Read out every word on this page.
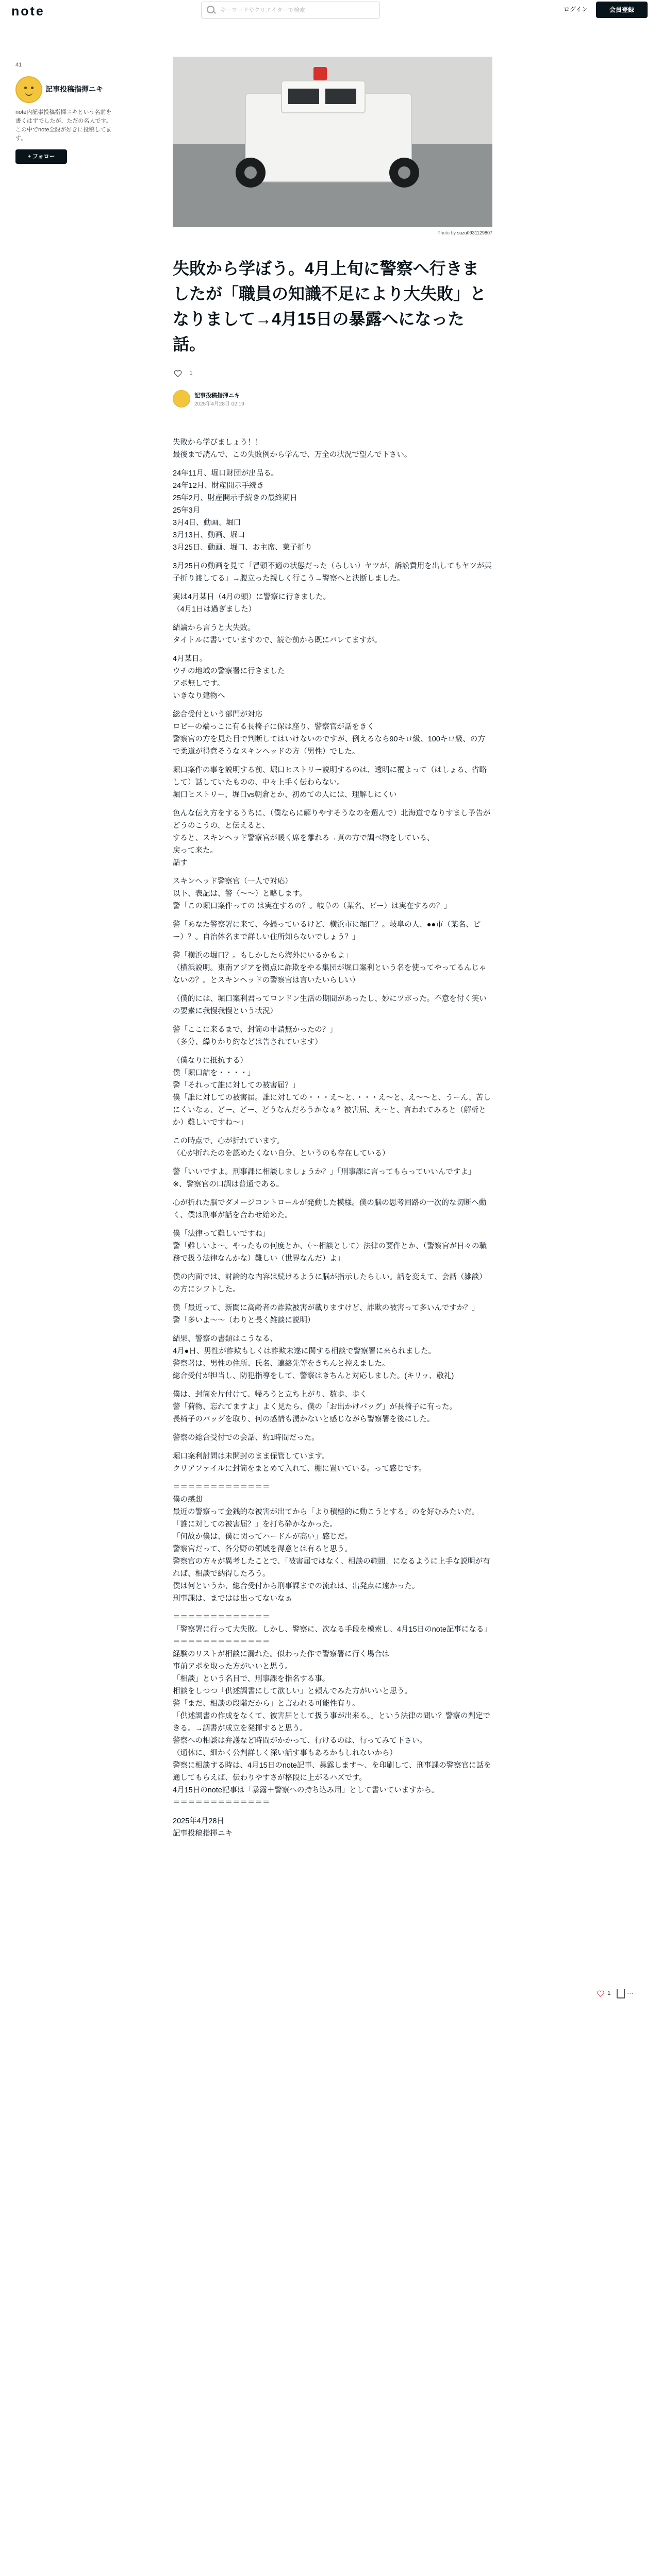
note
キーワードやクリエイターで検索	ログイン	会員登録
41
記事投稿指揮ニキ
note内記事投稿指揮ニキという名前を書くはずでしたが、ただの名人です。この中でnote全般が好きに投稿してます。
+ フォロー
Photo by suzu0931129807
失敗から学ぼう。4月上旬に警察へ行きましたが「職員の知識不足により大失敗」となりまして→4月15日の暴露へになった話。
1
記事投稿指揮ニキ
2025年4月28日 02:19
失敗から学びましょう！！
最後まで読んで、この失敗例から学んで、万全の状況で望んで下さい。
24年11月、堀口財団が出品る。
24年12月、財産開示手続き
25年2月、財産開示手続きの最終期日
25年3月
3月4日、動画、堀口
3月13日、動画、堀口
3月25日、動画、堀口、お主席、菓子折り
3月25日の動画を見て「冒頭不適の状態だった（らしい）ヤツが、訴訟費用を出してもヤツが菓子折り渡してる」→腹立った親しく行こう→警察へと決断しました。
実は4月某日（4月の頭）に警察に行きました。
（4月1日は過ぎました）
結論から言うと大失敗。
タイトルに書いていますので、読む前から既にバレてますが。
4月某日。
ウチの地域の警察署に行きました
アポ無しです。
いきなり建物へ
総合受付という部門が対応
ロビーの端っこに有る長椅子に保は座り、警察官が話をきく
警察官の方を見た目で判断してはいけないのですが、例えるなら90キロ級、100キロ級、の方で柔道が得意そうなスキンヘッドの方（男性）でした。
堀口案件の事を説明する前、堀口ヒストリー説明するのは、透明に覆よって（はしょる、省略して）話していたものの、中々上手く伝わらない。
堀口ヒストリー、堀口vs朝倉とか、初めての人には、理解しにくい
色んな伝え方をするうちに、（僕ならに解りやすそうなのを選んで）北海道でなりすまし予告がどうのこうの、と伝えると、
すると、スキンヘッド警察官が暖く席を離れる→真の方で調べ物をしている、
戻って来た。
話す
スキンヘッド警察官（一人で対応）
以下、表記は、警（〜〜）と略します。
警「この堀口案件っての は実在するの？。岐阜の（某名、ピー）は実在するの？」
警「あなた警察署に来て、今撮っているけど、横浜市に堀口？。岐阜の人、●●市（某名、ピー）？。自治体名まで詳しい住所知らないでしょう？」
警「横浜の堀口？。もしかしたら海外にいるかもよ」
（横浜説明。東南アジアを拠点に詐欺をやる集団が堀口案利という名を使ってやってるんじゃないの？。とスキンヘッドの警察官は言いたいらしい）
（僕的には、堀口案利君ってロンドン生活の期間があったし、妙にツボった。不意を付く笑いの要素に我慢我慢という状況）
警「ここに来るまで、封筒の申請無かったの？」
（多分、繰りかり約などは告されています）
（僕なりに抵抗する）
僕「堀口詰を・・・・」
警「それって誰に対しての被害届？」
僕「誰に対しての被害届。誰に対しての・・・え〜と、・・・え〜と、え〜〜と、うーん、苦しにくいなぁ、どー、どー、どうなんだろうかなぁ？被害届、え〜と、言われてみると（解析とか）難しいですね〜」
この時点で、心が折れています。
（心が折れたのを認めたくない自分、というのも存在している）
警「いいですよ。刑事課に相談しましょうか？」「刑事課に言ってもらっていいんですよ」
※、警察官の口調は普通である。
心が折れた脳でダメージコントロールが発動した模様。僕の脳の思考回路の一次的な切断へ動く、僕は刑事が話を合わせ始めた。
僕「法律って難しいですね」
警「難しいよ〜。やったもの何度とか、（〜相談として）法律の要件とか、（警察官が日々の職務で扱う法律なんかな）難しい（世界なんだ）よ」
僕の内面では、討論的な内容は続けるように脳が指示したらしい。話を変えて、会話（雑談）の方にシフトした。
僕「最近って、新聞に高齢者の詐欺被害が載りますけど、詐欺の被害って多いんですか？」
警「多いよ〜〜（わりと長く雑談に説明）
結果、警察の書類はこうなる、
4月●日、男性が詐欺もしくは詐欺未遂に関する相談で警察署に来られました。
警察署は、男性の住所、氏名、連絡先等をきちんと控えました。
総合受付が担当し、防犯指導をして、警察はきちんと対応しました。(キリッ、敬礼)
僕は、封筒を片付けて、帰ろうと立ち上がり、数歩、歩く
警「荷物、忘れてますよ」よく見たら、僕の「お出かけバッグ」が長椅子に有った。
長椅子のバッグを取り、何の感情も湧かないと感じながら警察署を後にした。
警察の総合受付での会話、約1時間だった。
堀口案利討問は未開封のまま保管しています。
クリアファイルに封筒をまとめて入れて、棚に置いている。って感じです。
＝＝＝＝＝＝＝＝＝＝＝＝＝
僕の感想
最近の警察って金銭的な被害が出てから「より積極的に動こうとする」のを好むみたいだ。
「誰に対しての被害届？」を打ち砕かなかった。
「何故か僕は、僕に関ってハードルが高い」感じだ。
警察官だって、各分野の領域を得意とは有ると思う。
警察官の方々が異考したことで、「被害届ではなく、相談の範囲」になるように上手な説明が有れば、相談で納得したろう。
僕は何というか、総合受付から刑事課までの流れは、出発点に遠かった。
刑事課は、まではは出ってないなぁ
＝＝＝＝＝＝＝＝＝＝＝＝＝
「警察署に行って大失敗。しかし、警察に、次なる手段を模索し、4月15日のnote記事になる」
＝＝＝＝＝＝＝＝＝＝＝＝＝
経験のリストが相談に漏れた。似わった作で警察署に行く場合は
事前アポを取った方がいいと思う。
「相談」という名目で、刑事課を指名する事。
相談をしつつ「供述調書にして欲しい」と頼んでみた方がいいと思う。
警「まだ、相談の段階だから」と言われる可能性有り。
「供述調書の作成をなくて、被害届として扱う事が出来る。」という法律の問い？警察の判定できる。→調書が成立を発揮すると思う。
警察への相談は弁護など時間がかかって、行けるのは、行ってみて下さい。
（通休に、細かく公判詳しく深い話す事もあるかもしれないから）
警察に相談する時は、4月15日のnote記事、暴露します〜、を印刷して、刑事課の警察官に話を通してもらえば、伝わりやすさが格段に上がるハズです。
4月15日のnote記事は「暴露＋警察への持ち込み用」として書いていますから。
＝＝＝＝＝＝＝＝＝＝＝＝＝
2025年4月28日
記事投稿指揮ニキ
1 ⋯
